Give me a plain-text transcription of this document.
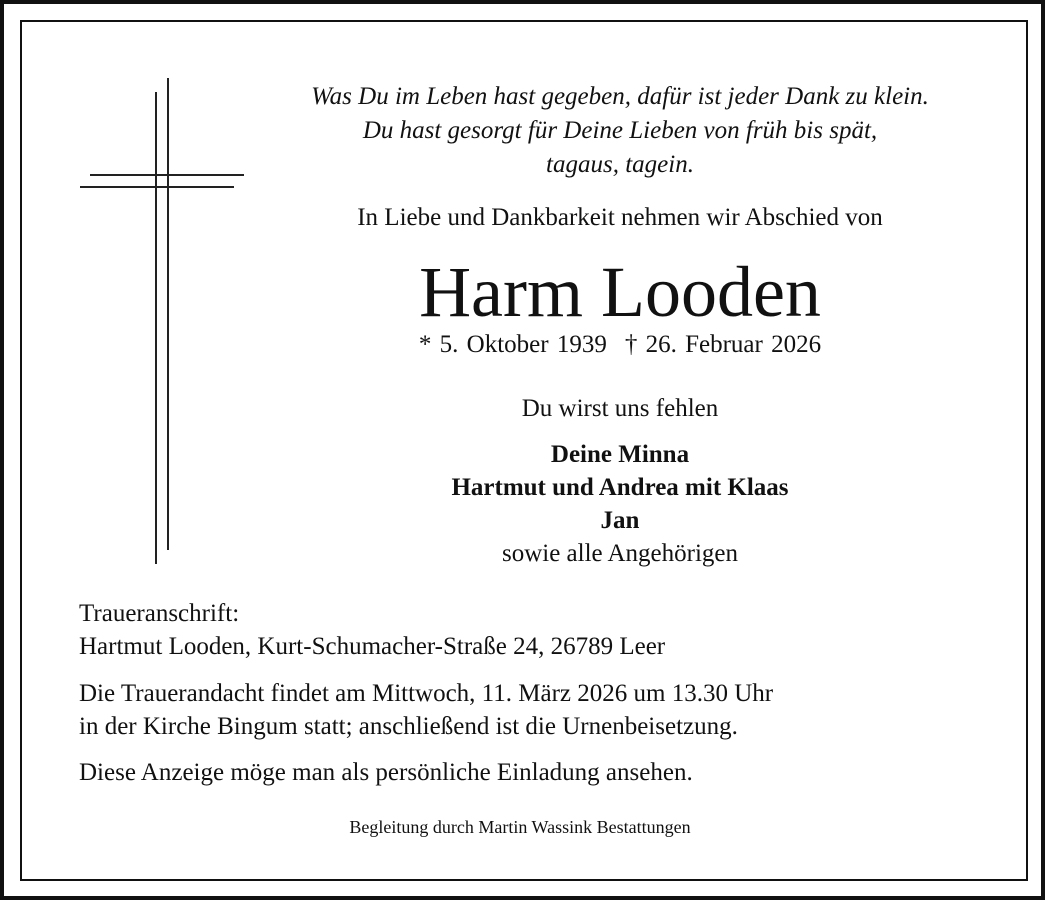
Was Du im Leben hast gegeben, dafür ist jeder Dank zu klein.
Du hast gesorgt für Deine Lieben von früh bis spät,
tagaus, tagein.
In Liebe und Dankbarkeit nehmen wir Abschied von
Harm Looden
* 5. Oktober 1939 † 26. Februar 2026
Du wirst uns fehlen
Deine Minna
Hartmut und Andrea mit Klaas
Jan
sowie alle Angehörigen
Traueranschrift:
Hartmut Looden, Kurt-Schumacher-Straße 24, 26789 Leer
Die Trauerandacht findet am Mittwoch, 11. März 2026 um 13.30 Uhr
in der Kirche Bingum statt; anschließend ist die Urnenbeisetzung.
Diese Anzeige möge man als persönliche Einladung ansehen.
Begleitung durch Martin Wassink Bestattungen
